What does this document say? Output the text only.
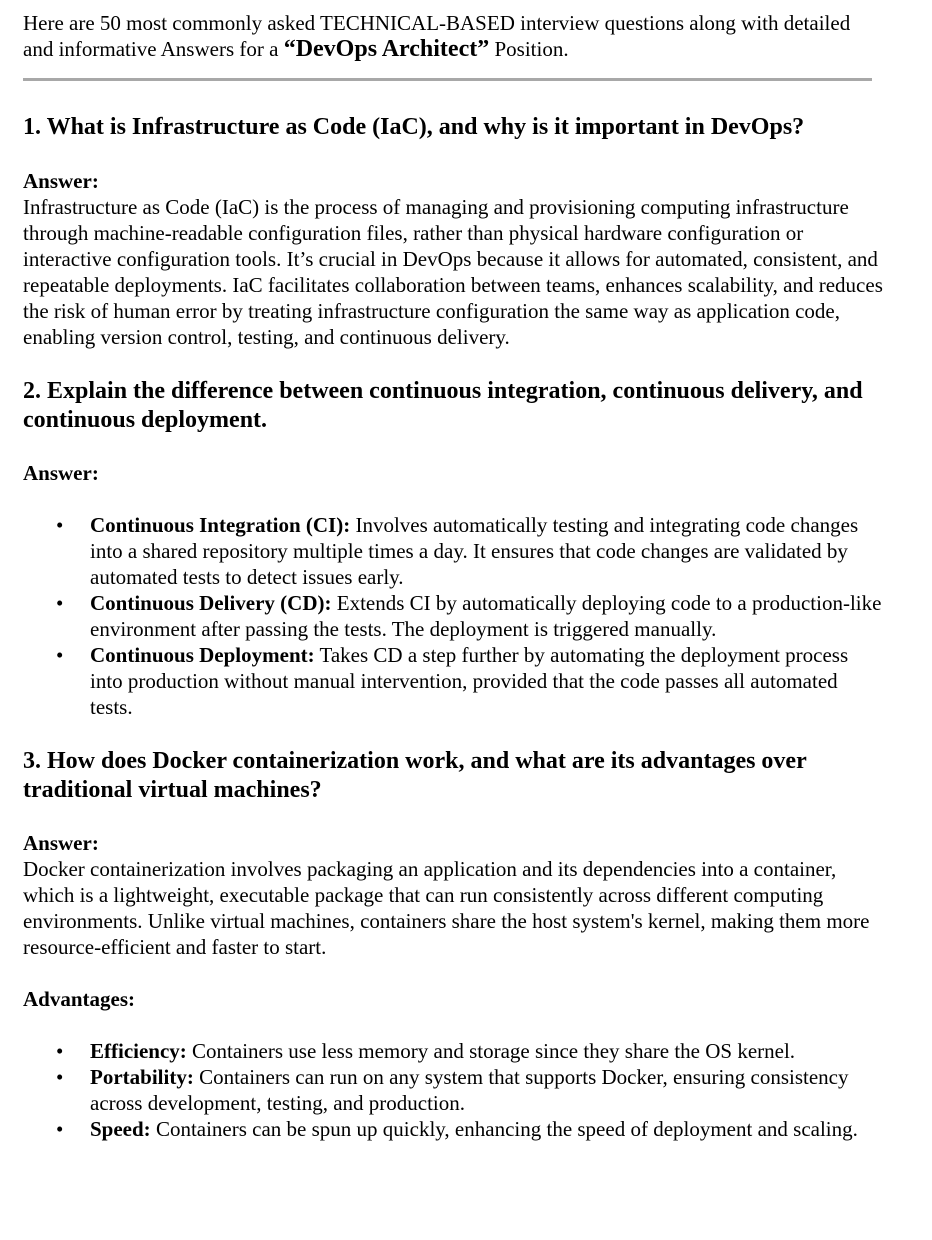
Here are 50 most commonly asked TECHNICAL-BASED interview questions along with detailed and informative Answers for a “DevOps Architect” Position.

1. What is Infrastructure as Code (IaC), and why is it important in DevOps?

Answer:

Infrastructure as Code (IaC) is the process of managing and provisioning computing infrastructure through machine-readable configuration files, rather than physical hardware configuration or interactive configuration tools. It’s crucial in DevOps because it allows for automated, consistent, and repeatable deployments. IaC facilitates collaboration between teams, enhances scalability, and reduces the risk of human error by treating infrastructure configuration the same way as application code, enabling version control, testing, and continuous delivery.

2. Explain the difference between continuous integration, continuous delivery, and continuous deployment.

Answer:

• Continuous Integration (CI): Involves automatically testing and integrating code changes into a shared repository multiple times a day. It ensures that code changes are validated by automated tests to detect issues early.
• Continuous Delivery (CD): Extends CI by automatically deploying code to a production-like environment after passing the tests. The deployment is triggered manually.
• Continuous Deployment: Takes CD a step further by automating the deployment process into production without manual intervention, provided that the code passes all automated tests.
3. How does Docker containerization work, and what are its advantages over traditional virtual machines?

Answer:

Docker containerization involves packaging an application and its dependencies into a container, which is a lightweight, executable package that can run consistently across different computing environments. Unlike virtual machines, containers share the host system's kernel, making them more resource-efficient and faster to start.

Advantages:

• Efficiency: Containers use less memory and storage since they share the OS kernel.
• Portability: Containers can run on any system that supports Docker, ensuring consistency across development, testing, and production.
• Speed: Containers can be spun up quickly, enhancing the speed of deployment and scaling.
